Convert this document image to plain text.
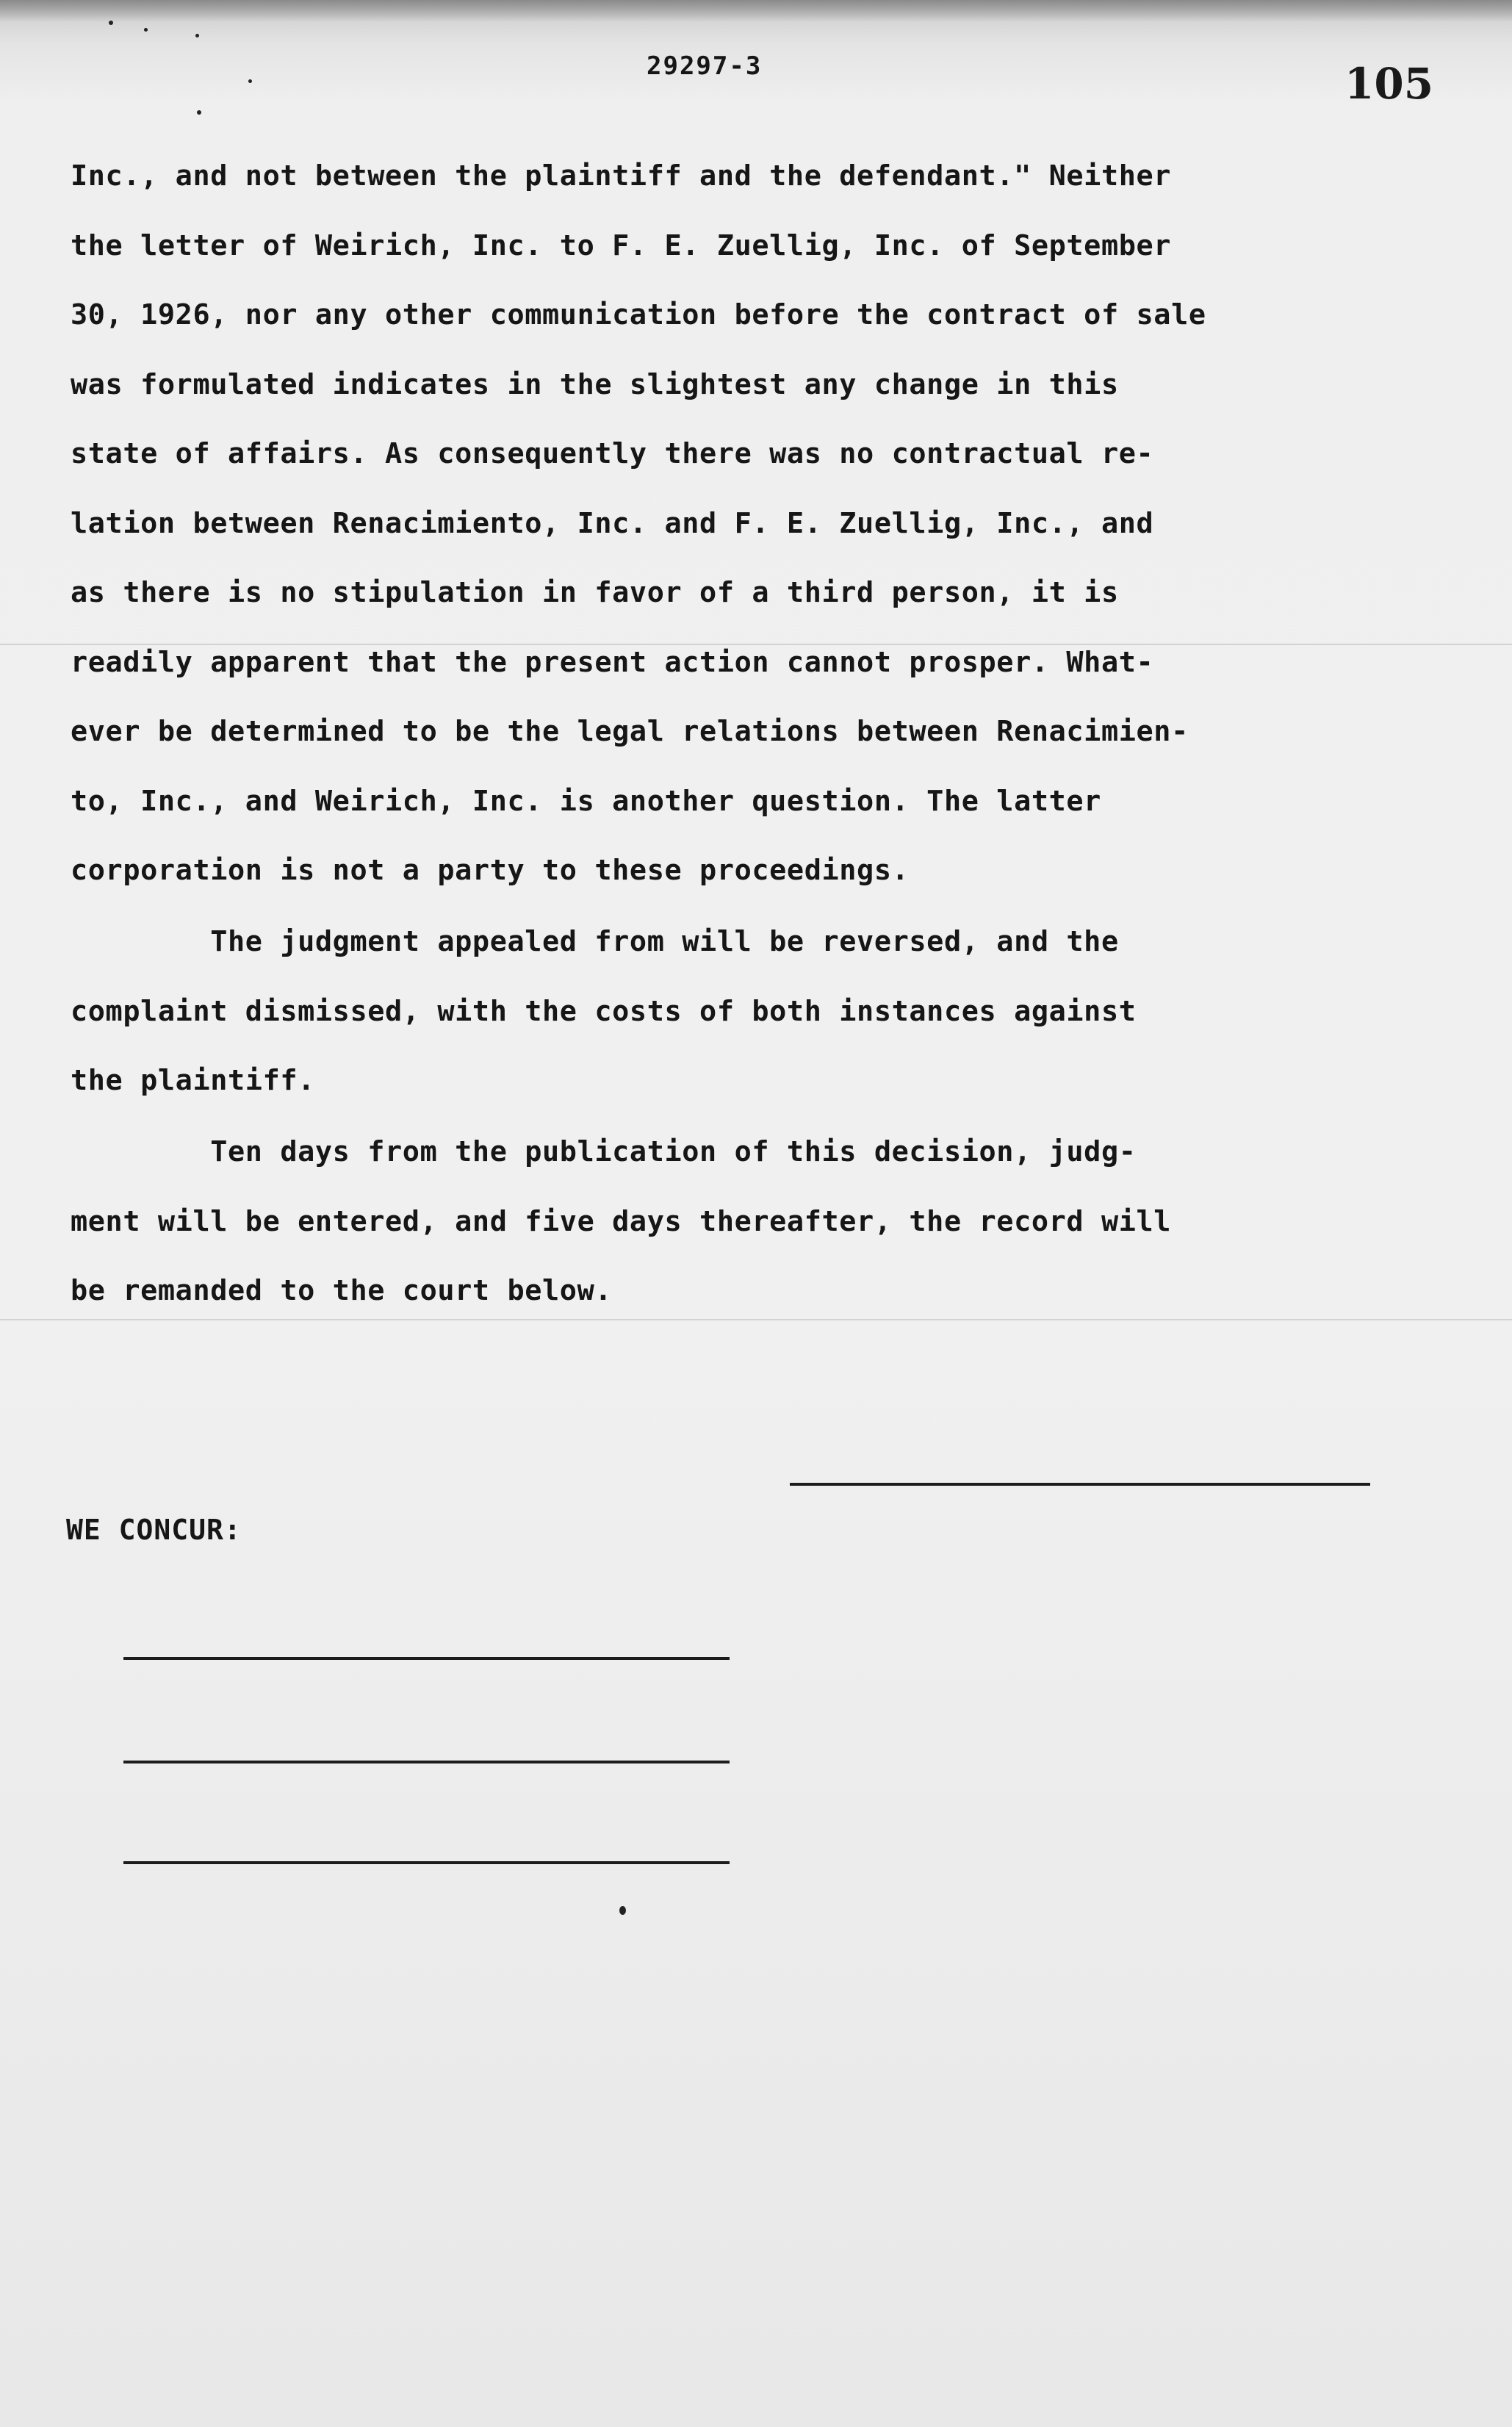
29297-3	105
Inc., and not between the plaintiff and the defendant." Neither
the letter of Weirich, Inc. to F. E. Zuellig, Inc. of September
30, 1926, nor any other communication before the contract of sale
was formulated indicates in the slightest any change in this
state of affairs. As consequently there was no contractual re-
lation between Renacimiento, Inc. and F. E. Zuellig, Inc., and
as there is no stipulation in favor of a third person, it is
readily apparent that the present action cannot prosper. What-
ever be determined to be the legal relations between Renacimien-
to, Inc., and Weirich, Inc. is another question. The latter
corporation is not a party to these proceedings.
The judgment appealed from will be reversed, and the
complaint dismissed, with the costs of both instances against
the plaintiff.
Ten days from the publication of this decision, judg-
ment will be entered, and five days thereafter, the record will
be remanded to the court below.
WE CONCUR:
